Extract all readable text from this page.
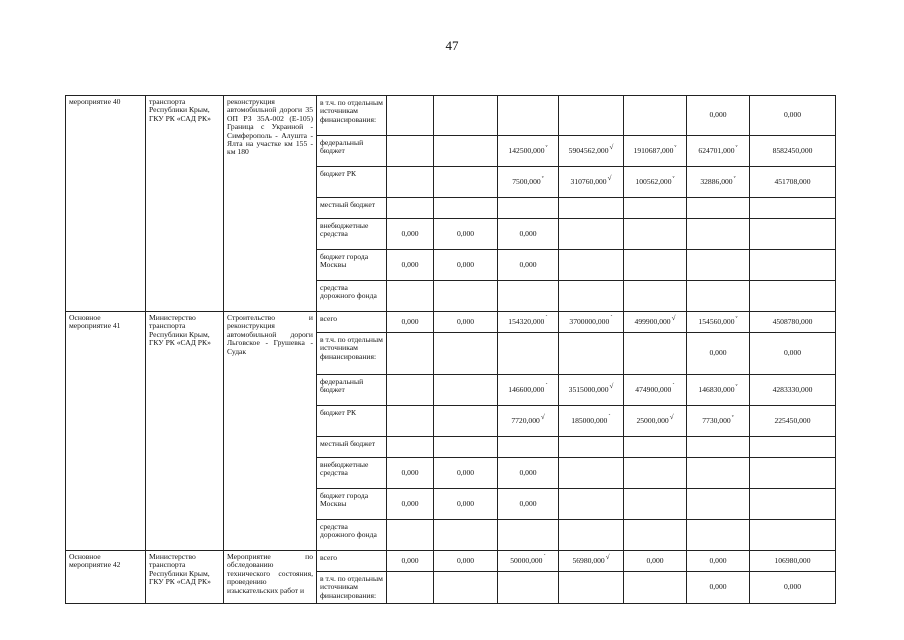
47
мероприятие 40	транспорта Республики Крым, ГКУ РК «САД РК»	реконструкция автомобильной дороги 35 ОП РЗ 35А-002 (Е-105) Граница с Украиной - Симферополь - Алушта - Ялта на участке км 155 - км 180	в т.ч. по отдельным источникам финансирования:						0,000	0,000
			федеральный бюджет			142500,000ᵛ	5904562,000√	1910687,000ᵛ	624701,000ᵛ	8582450,000
			бюджет РК			7500,000ᵛ	310760,000√	100562,000ᵛ	32886,000ᵛ	451708,000
			местный бюджет							
			внебюджетные средства	0,000	0,000	0,000				
			бюджет города Москвы	0,000	0,000	0,000				
			средства дорожного фонда							
Основное мероприятие 41	Министерство транспорта Республики Крым, ГКУ РК «САД РК»	Строительство и реконструкция автомобильной дороги Льговское - Грушевка - Судак	всего	0,000	0,000	154320,000ˋ	3700000,000ˊ	499900,000√	154560,000ᵛ	4508780,000
			в т.ч. по отдельным источникам финансирования:						0,000	0,000
			федеральный бюджет			146600,000ˊ	3515000,000√	474900,000ˋ	146830,000ᵛ	4283330,000
			бюджет РК			7720,000√	185000,000ˋ	25000,000√	7730,000ᵛ	225450,000
			местный бюджет							
			внебюджетные средства	0,000	0,000	0,000				
			бюджет города Москвы	0,000	0,000	0,000				
			средства дорожного фонда							
Основное мероприятие 42	Министерство транспорта Республики Крым, ГКУ РК «САД РК»	Мероприятие по обследованию технического состояния, проведению изыскательских работ и	всего	0,000	0,000	50000,000ˋ	56980,000√	0,000	0,000	106980,000
			в т.ч. по отдельным источникам финансирования:						0,000	0,000
